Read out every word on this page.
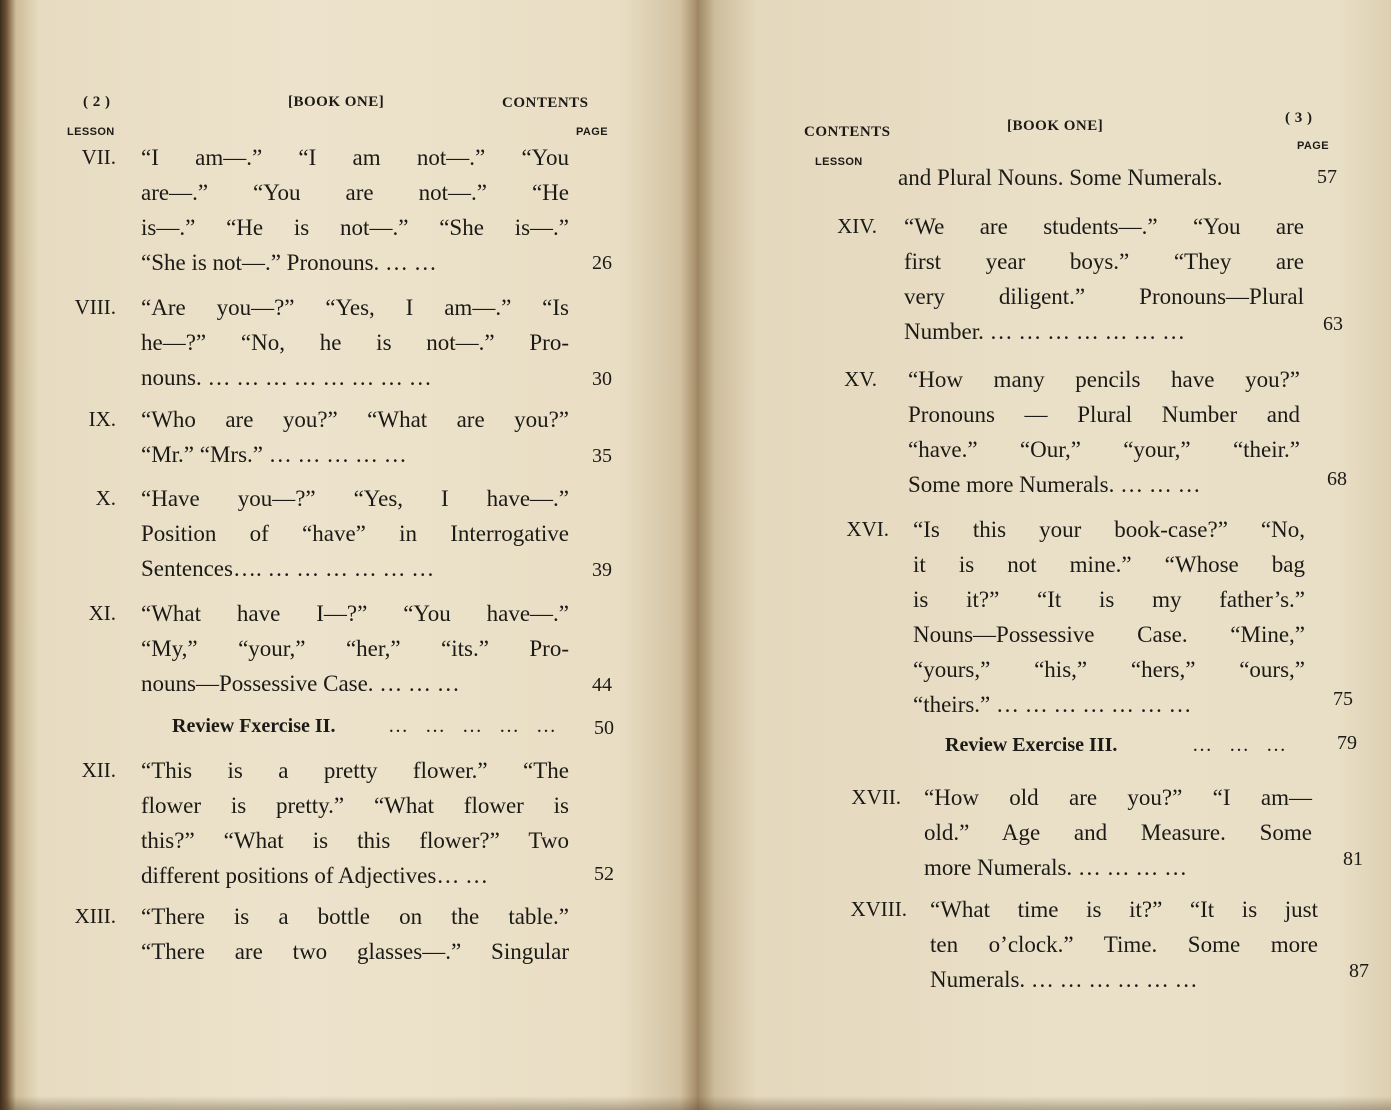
( 2 )	[BOOK ONE]	CONTENTS
LESSON	PAGE
VII. “I am—.” “I am not—.” “You
are—.” “You are not—.” “He
is—.” “He is not—.” “She is—.”
“She is not—.” Pronouns. … …	26
VIII. “Are you—?” “Yes, I am—.” “Is
he—?” “No, he is not—.” Pro-
nouns. … … … … … … … …	30
IX. “Who are you?” “What are you?”
“Mr.” “Mrs.” … … … … …	35
X. “Have you—?” “Yes, I have—.”
Position of “have” in Interrogative
Sentences…. … … … … … …	39
XI. “What have I—?” “You have—.”
“My,” “your,” “her,” “its.” Pro-
nouns—Possessive Case. … … …	44
Review Fxercise II.	… … … … … 50
XII. “This is a pretty flower.” “The
flower is pretty.” “What flower is
this?” “What is this flower?” Two
different positions of Adjectives… …	52
XIII. “There is a bottle on the table.”
“There are two glasses—.” Singular
CONTENTS	[BOOK ONE]	( 3 )
LESSON
PAGE
and Plural Nouns. Some Numerals.	57
XIV. “We are students—.” “You are
first year boys.” “They are
very diligent.” Pronouns—Plural
Number. … … … … … … …	63
XV. “How many pencils have you?”
Pronouns — Plural Number and
“have.” “Our,” “your,” “their.”
Some more Numerals. … … …	68
XVI. “Is this your book-case?” “No,
it is not mine.” “Whose bag
is it?” “It is my father’s.”
Nouns—Possessive Case. “Mine,”
“yours,” “his,” “hers,” “ours,”
“theirs.” … … … … … … …	75
Review Exercise III.	… … … 79
XVII. “How old are you?” “I am—
old.” Age and Measure. Some
more Numerals. … … … …	81
XVIII. “What time is it?” “It is just
ten o’clock.” Time. Some more
Numerals. … … … … … …	87
